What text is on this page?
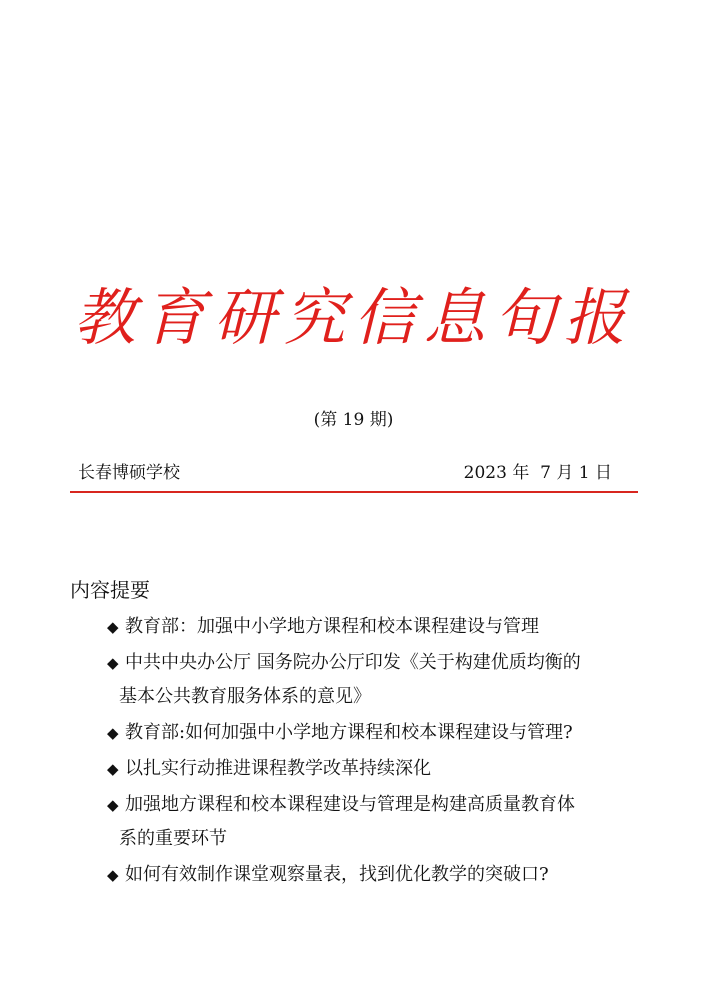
教育研究信息旬报
(第 19 期)
长春博硕学校	2023 年  7 月 1 日
内容提要
◆ 教育部：加强中小学地方课程和校本课程建设与管理
◆ 中共中央办公厅 国务院办公厅印发《关于构建优质均衡的
基本公共教育服务体系的意见》
◆ 教育部:如何加强中小学地方课程和校本课程建设与管理?
◆ 以扎实行动推进课程教学改革持续深化
◆ 加强地方课程和校本课程建设与管理是构建高质量教育体
系的重要环节
◆ 如何有效制作课堂观察量表，找到优化教学的突破口?
